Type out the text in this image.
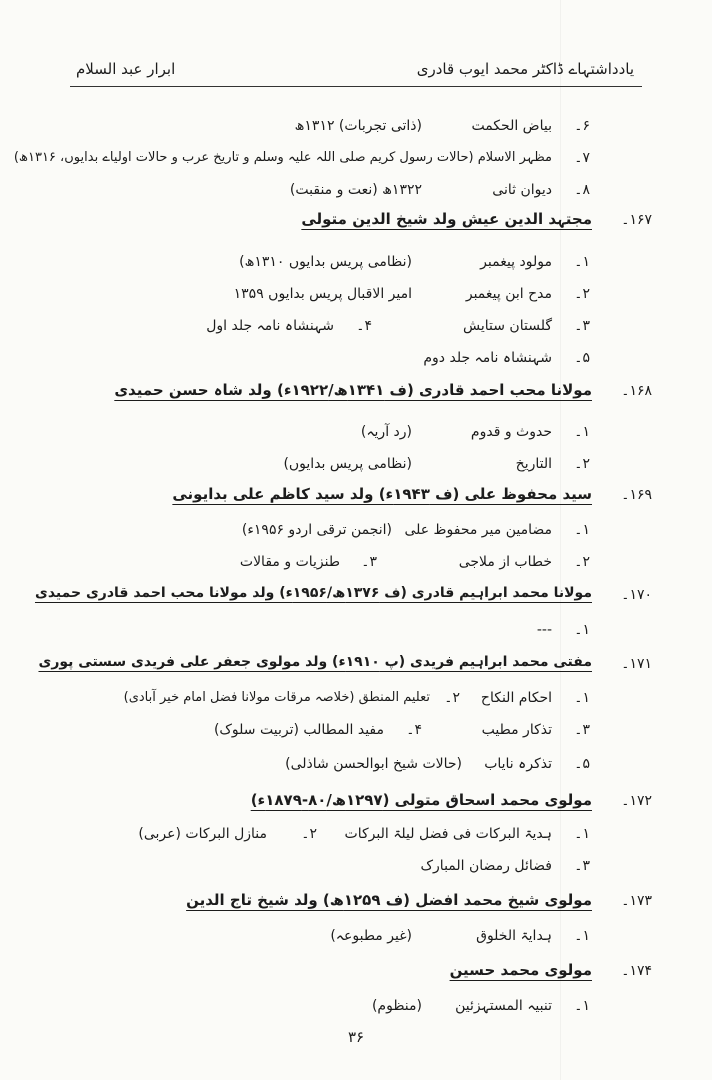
یادداشتہاے ڈاکٹر محمد ایوب قادری
ابرار عبد السلام
۶۔
بیاض الحکمت
(ذاتی تجربات) ۱۳۱۲ھ
۷۔
مظہر الاسلام (حالات رسول کریم صلی اللہ علیہ وسلم و تاریخ عرب و حالات اولیاے بدایوں، ۱۳۱۶ھ)
۸۔
دیوان ثانی
۱۳۲۲ھ (نعت و منقبت)
۱۶۷۔
مجتہد الدین عیش ولد شیخ الدین متولی
۱۔
مولود پیغمبر
(نظامی پریس بدایوں ۱۳۱۰ھ)
۲۔
مدح ابن پیغمبر
امیر الاقبال پریس بدایوں ۱۳۵۹
۳۔
گلستان ستایش
۴۔
شہنشاہ نامہ جلد اول
۵۔
شہنشاہ نامہ جلد دوم
۱۶۸۔
مولانا محب احمد قادری (ف ۱۳۴۱ھ/۱۹۲۲ء) ولد شاہ حسن حمیدی
۱۔
حدوث و قدوم
(رد آریہ)
۲۔
التاریخ
(نظامی پریس بدایوں)
۱۶۹۔
سید محفوظ علی (ف ۱۹۴۳ء) ولد سید کاظم علی بدایونی
۱۔
مضامین میر محفوظ علی
(انجمن ترقی اردو ۱۹۵۶ء)
۲۔
خطاب از ملاجی
۳۔
طنزیات و مقالات
۱۷۰۔
مولانا محمد ابراہیم قادری (ف ۱۳۷۶ھ/۱۹۵۶ء) ولد مولانا محب احمد قادری حمیدی
۱۔
---
۱۷۱۔
مفتی محمد ابراہیم فریدی (پ ۱۹۱۰ء) ولد مولوی جعفر علی فریدی سستی پوری
۱۔
احکام النکاح
۲۔
تعلیم المنطق (خلاصہ مرقات مولانا فضل امام خیر آبادی)
۳۔
تذکار مطیب
۴۔
مفید المطالب (تربیت سلوک)
۵۔
تذکرہ نایاب
(حالات شیخ ابوالحسن شاذلی)
۱۷۲۔
مولوی محمد اسحاق متولی (۱۲۹۷ھ/۸۰-۱۸۷۹ء)
۱۔
ہدیۃ البرکات فی فضل لیلۃ البرکات
۲۔
منازل البرکات (عربی)
۳۔
فضائل رمضان المبارک
۱۷۳۔
مولوی شیخ محمد افضل (ف ۱۲۵۹ھ) ولد شیخ تاج الدین
۱۔
ہدایۃ الخلوق
(غیر مطبوعہ)
۱۷۴۔
مولوی محمد حسین
۱۔
تنبیہ المستہزئین
(منظوم)
۳۶
